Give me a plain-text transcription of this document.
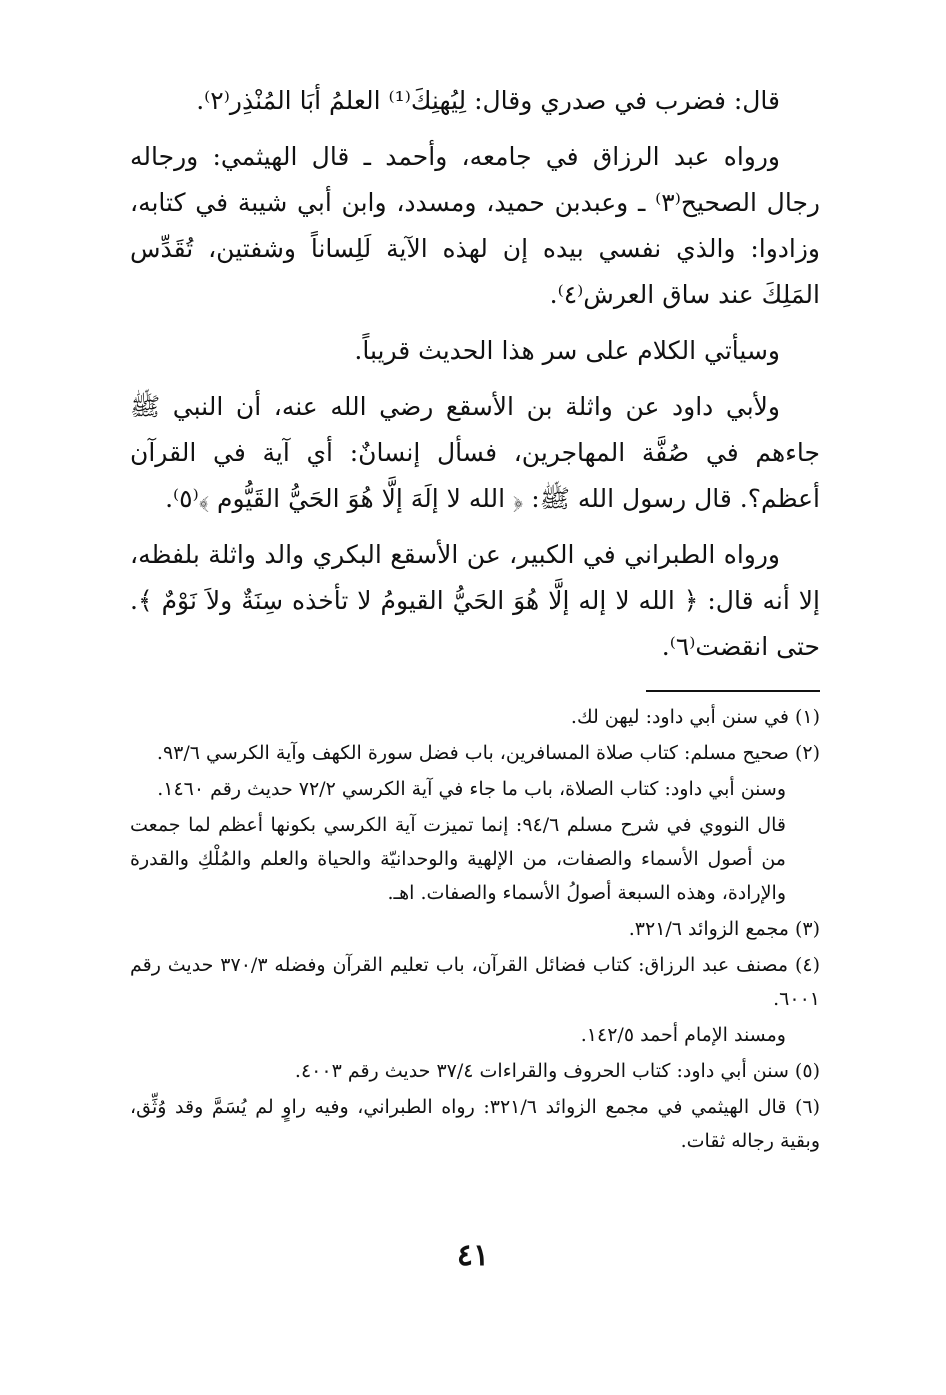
قال: فضرب في صدري وقال: لِيُهنِكَ⁽¹⁾ العلمُ أبَا المُنْذِر⁽٢⁾.

ورواه عبد الرزاق في جامعه، وأحمد ـ قال الهيثمي: ورجاله رجال الصحيح⁽٣⁾ ـ وعبدبن حميد، ومسدد، وابن أبي شيبة في كتابه، وزادوا: والذي نفسي بيده إن لهذه الآية لَلِساناً وشفتين، تُقَدِّس المَلِكَ عند ساق العرش⁽٤⁾.

وسيأتي الكلام على سر هذا الحديث قريباً.

ولأبي داود عن واثلة بن الأسقع رضي الله عنه، أن النبي ﷺ جاءهم في صُفَّة المهاجرين، فسأل إنسانٌ: أي آية في القرآن أعظم؟. قال رسول الله ﷺ: ﴿ الله لا إلَهَ إلَّا هُوَ الحَيُّ القَيُّوم ﴾⁽٥⁾.

ورواه الطبراني في الكبير، عن الأسقع البكري والد واثلة بلفظه، إلا أنه قال: ﴿ الله لا إله إلَّا هُوَ الحَيُّ القيومُ لا تأخذه سِنَةٌ ولاَ نَوْمٌ ﴾. حتى انقضت⁽٦⁾.

(١) في سنن أبي داود: ليهن لك.

(٢) صحيح مسلم: كتاب صلاة المسافرين، باب فضل سورة الكهف وآية الكرسي ٩٣/٦.

وسنن أبي داود: كتاب الصلاة، باب ما جاء في آية الكرسي ٧٢/٢ حديث رقم ١٤٦٠.

قال النووي في شرح مسلم ٩٤/٦: إنما تميزت آية الكرسي بكونها أعظم لما جمعت من أصول الأسماء والصفات، من الإلهية والوحدانيّة والحياة والعلم والمُلْكِ والقدرة والإرادة، وهذه السبعة أصولُ الأسماء والصفات. اهـ.

(٣) مجمع الزوائد ٣٢١/٦.

(٤) مصنف عبد الرزاق: كتاب فضائل القرآن، باب تعليم القرآن وفضله ٣٧٠/٣ حديث رقم ٦٠٠١.

ومسند الإمام أحمد ١٤٢/٥.

(٥) سنن أبي داود: كتاب الحروف والقراءات ٣٧/٤ حديث رقم ٤٠٠٣.

(٦) قال الهيثمي في مجمع الزوائد ٣٢١/٦: رواه الطبراني، وفيه راوٍ لم يُسَمَّ وقد وُثِّق، وبقية رجاله ثقات.

٤١
